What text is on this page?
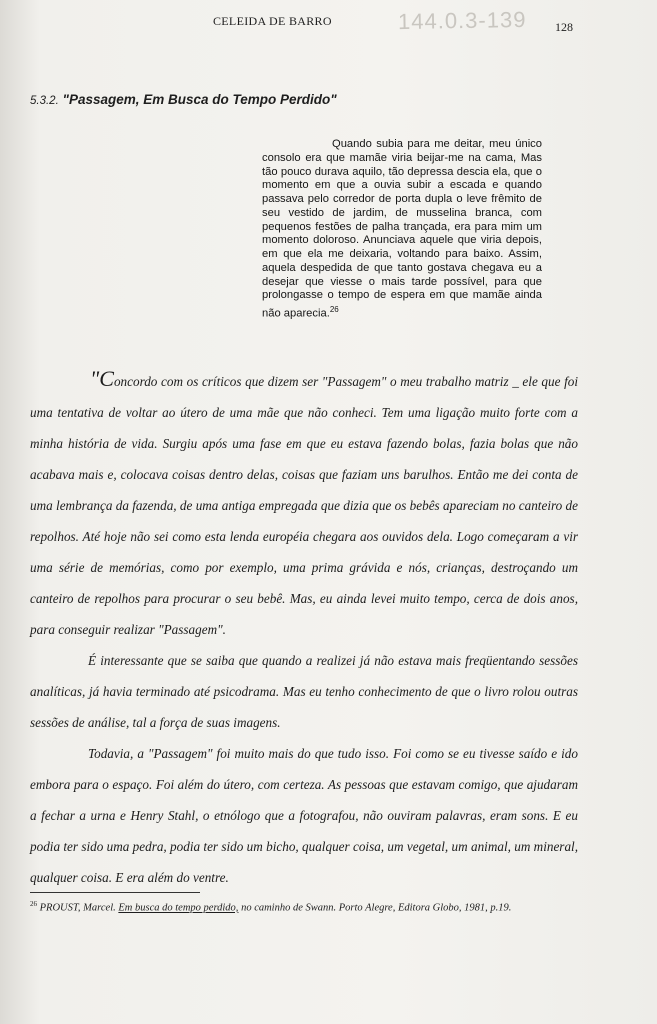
CELEIDA DE BARRO	144.0.3-139 128
5.3.2. "Passagem, Em Busca do Tempo Perdido"
Quando subia para me deitar, meu único consolo era que mamãe viria beijar-me na cama, Mas tão pouco durava aquilo, tão depressa descia ela, que o momento em que a ouvia subir a escada e quando passava pelo corredor de porta dupla o leve frêmito de seu vestido de jardim, de musselina branca, com pequenos festões de palha trançada, era para mim um momento doloroso. Anunciava aquele que viria depois, em que ela me deixaria, voltando para baixo. Assim, aquela despedida de que tanto gostava chegava eu a desejar que viesse o mais tarde possível, para que prolongasse o tempo de espera em que mamãe ainda não aparecia.$^{26}$

"Concordo com os críticos que dizem ser "Passagem" o meu trabalho matriz _ ele que foi uma tentativa de voltar ao útero de uma mãe que não conheci. Tem uma ligação muito forte com a minha história de vida. Surgiu após uma fase em que eu estava fazendo bolas, fazia bolas que não acabava mais e, colocava coisas dentro delas, coisas que faziam uns barulhos. Então me dei conta de uma lembrança da fazenda, de uma antiga empregada que dizia que os bebês apareciam no canteiro de repolhos. Até hoje não sei como esta lenda européia chegara aos ouvidos dela. Logo começaram a vir uma série de memórias, como por exemplo, uma prima grávida e nós, crianças, destroçando um canteiro de repolhos para procurar o seu bebê. Mas, eu ainda levei muito tempo, cerca de dois anos, para conseguir realizar "Passagem".

É interessante que se saiba que quando a realizei já não estava mais freqüentando sessões analíticas, já havia terminado até psicodrama. Mas eu tenho conhecimento de que o livro rolou outras sessões de análise, tal a força de suas imagens.

Todavia, a "Passagem" foi muito mais do que tudo isso. Foi como se eu tivesse saído e ido embora para o espaço. Foi além do útero, com certeza. As pessoas que estavam comigo, que ajudaram a fechar a urna e Henry Stahl, o etnólogo que a fotografou, não ouviram palavras, eram sons. E eu podia ter sido uma pedra, podia ter sido um bicho, qualquer coisa, um vegetal, um animal, um mineral, qualquer coisa. E era além do ventre.

$^{26}$ PROUST, Marcel. Em busca do tempo perdido, no caminho de Swann. Porto Alegre, Editora Globo, 1981, p.19.
